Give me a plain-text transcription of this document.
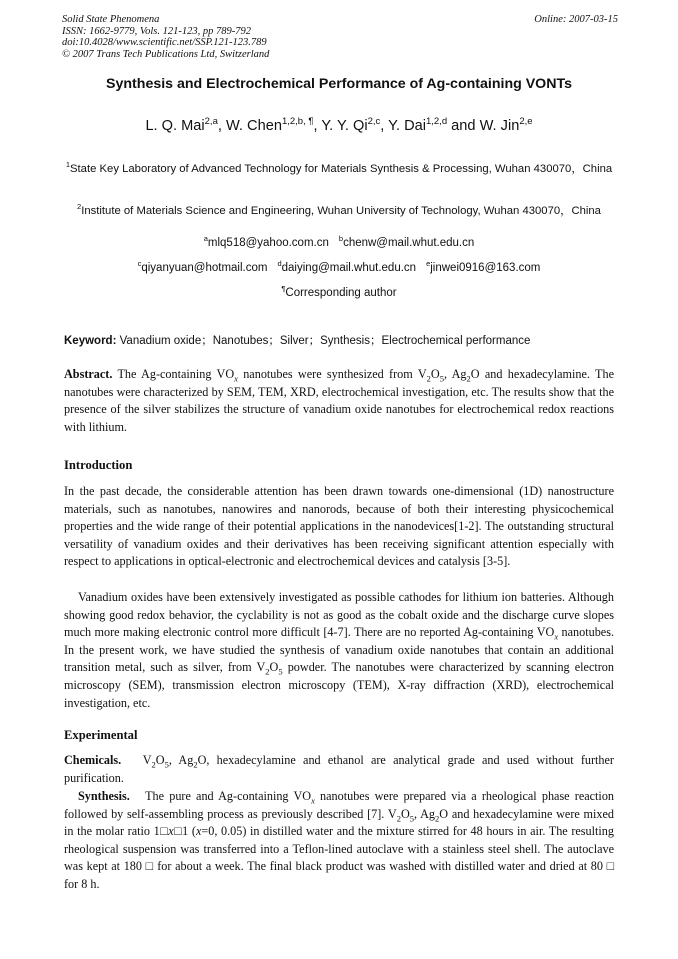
Solid State Phenomena
ISSN: 1662-9779, Vols. 121-123, pp 789-792
doi:10.4028/www.scientific.net/SSP.121-123.789
© 2007 Trans Tech Publications Ltd, Switzerland
Online: 2007-03-15
Synthesis and Electrochemical Performance of Ag-containing VONTs
L. Q. Mai$^{2,a}$, W. Chen$^{1,2,b, \P}$, Y. Y. Qi$^{2,c}$, Y. Dai$^{1,2,d}$ and W. Jin$^{2,e}$
$^1$State Key Laboratory of Advanced Technology for Materials Synthesis & Processing, Wuhan 430070，China
$^2$Institute of Materials Science and Engineering, Wuhan University of Technology, Wuhan 430070，China
$^a$mlq518@yahoo.com.cn $^b$chenw@mail.whut.edu.cn
$^c$qiyanyuan@hotmail.com $^d$daiying@mail.whut.edu.cn $^e$jinwei0916@163.com
¶Corresponding author
Keyword: Vanadium oxide；Nanotubes；Silver；Synthesis；Electrochemical performance
Abstract. The Ag-containing $VO_x$ nanotubes were synthesized from $V_2O_5$, $Ag_2O$ and hexadecylamine. The nanotubes were characterized by SEM, TEM, XRD, electrochemical investigation, etc. The results show that the presence of the silver stabilizes the structure of vanadium oxide nanotubes for electrochemical redox reactions with lithium.
Introduction
In the past decade, the considerable attention has been drawn towards one-dimensional (1D) nanostructure materials, such as nanotubes, nanowires and nanorods, because of both their interesting physicochemical properties and the wide range of their potential applications in the nanodevices[1-2]. The outstanding structural versatility of vanadium oxides and their derivatives has been receiving significant attention especially with respect to applications in optical-electronic and electrochemical devices and catalysis [3-5].
Vanadium oxides have been extensively investigated as possible cathodes for lithium ion batteries. Although showing good redox behavior, the cyclability is not as good as the cobalt oxide and the discharge curve slopes much more making electronic control more difficult [4-7]. There are no reported Ag-containing $VO_x$ nanotubes. In the present work, we have studied the synthesis of vanadium oxide nanotubes that contain an additional transition metal, such as silver, from $V_2O_5$ powder. The nanotubes were characterized by scanning electron microscopy (SEM), transmission electron microscopy (TEM), X-ray diffraction (XRD), electrochemical investigation, etc.
Experimental
Chemicals. $V_2O_5$, $Ag_2O$, hexadecylamine and ethanol are analytical grade and used without further purification.
Synthesis. The pure and Ag-containing $VO_x$ nanotubes were prepared via a rheological phase reaction followed by self-assembling process as previously described [7]. $V_2O_5$, $Ag_2O$ and hexadecylamine were mixed in the molar ratio 1□x□1 (x=0, 0.05) in distilled water and the mixture stirred for 48 hours in air. The resulting rheological suspension was transferred into a Teflon-lined autoclave with a stainless steel shell. The autoclave was kept at 180 □ for about a week. The final black product was washed with distilled water and dried at 80 □ for 8 h.
